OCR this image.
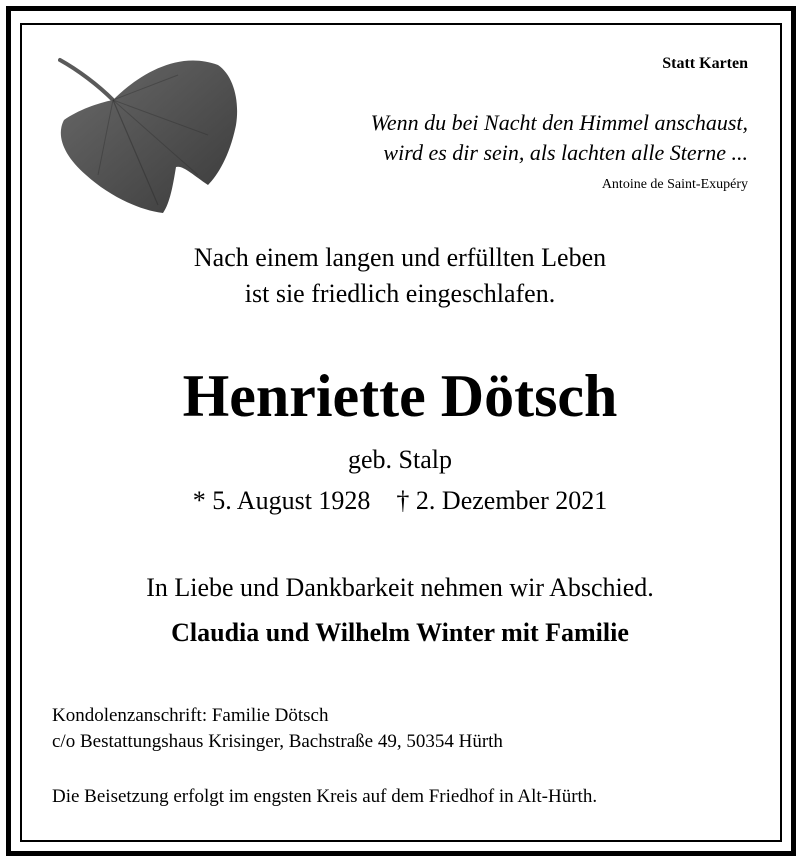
Statt Karten
Wenn du bei Nacht den Himmel anschaust,
wird es dir sein, als lachten alle Sterne ...
Antoine de Saint-Exupéry
Nach einem langen und erfüllten Leben
ist sie friedlich eingeschlafen.
Henriette Dötsch
geb. Stalp
* 5. August 1928    † 2. Dezember 2021
In Liebe und Dankbarkeit nehmen wir Abschied.
Claudia und Wilhelm Winter mit Familie
Kondolenzanschrift: Familie Dötsch
c/o Bestattungshaus Krisinger, Bachstraße 49, 50354 Hürth
Die Beisetzung erfolgt im engsten Kreis auf dem Friedhof in Alt-Hürth.
